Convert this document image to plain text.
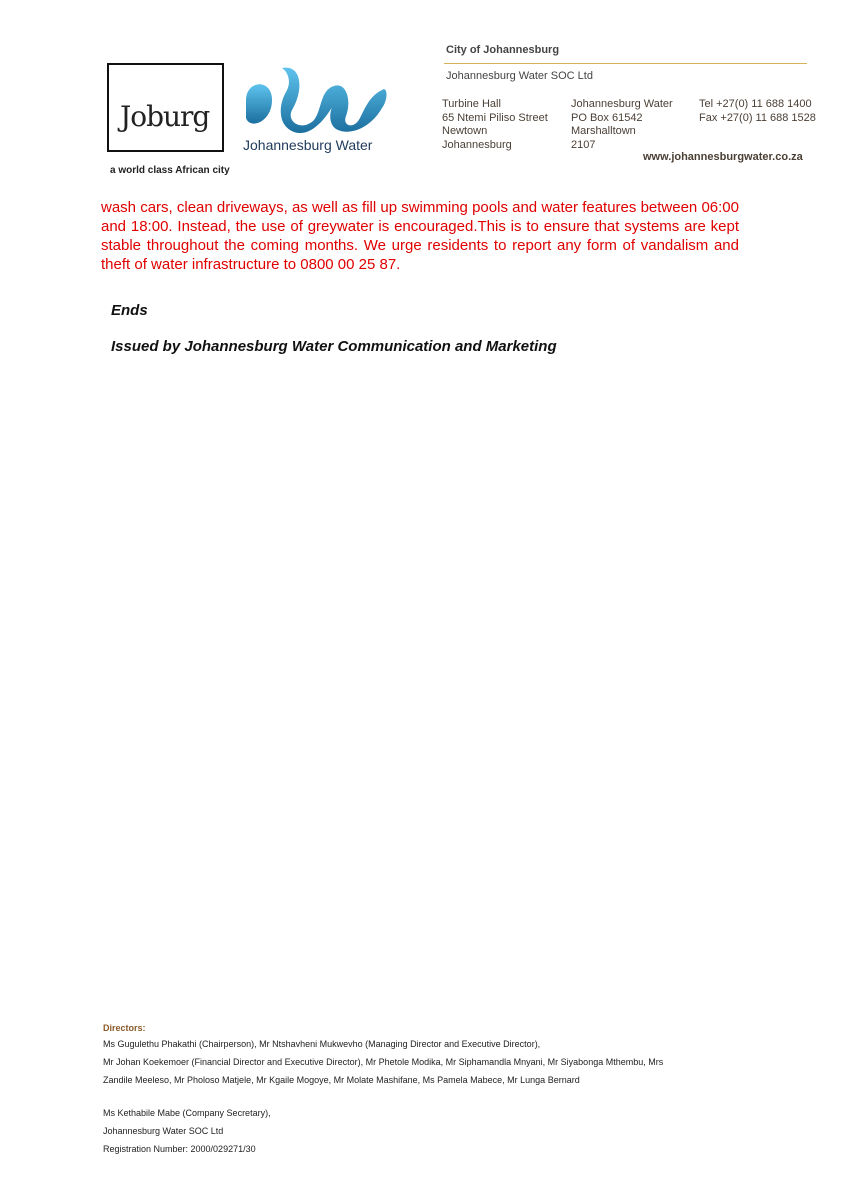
Joburg
a world class African city
Johannesburg Water
City of Johannesburg
Johannesburg Water SOC Ltd
Turbine Hall
65 Ntemi Piliso Street
Newtown
Johannesburg
Johannesburg Water
PO Box 61542
Marshalltown
2107
Tel +27(0) 11 688 1400
Fax +27(0) 11 688 1528
www.johannesburgwater.co.za
wash cars, clean driveways, as well as fill up swimming pools and water features between 06:00 and 18:00. Instead, the use of greywater is encouraged.This is to ensure that systems are kept stable throughout the coming months. We urge residents to report any form of vandalism and theft of water infrastructure to 0800 00 25 87.
Ends
Issued by Johannesburg Water Communication and Marketing
Directors:
Ms Gugulethu Phakathi (Chairperson), Mr Ntshavheni Mukwevho (Managing Director and Executive Director),
Mr Johan Koekemoer (Financial Director and Executive Director), Mr Phetole Modika, Mr Siphamandla Mnyani, Mr Siyabonga Mthembu, Mrs
Zandile Meeleso, Mr Pholoso Matjele, Mr Kgaile Mogoye, Mr Molate Mashifane, Ms Pamela Mabece, Mr Lunga Bernard
Ms Kethabile Mabe (Company Secretary),
Johannesburg Water SOC Ltd
Registration Number: 2000/029271/30
